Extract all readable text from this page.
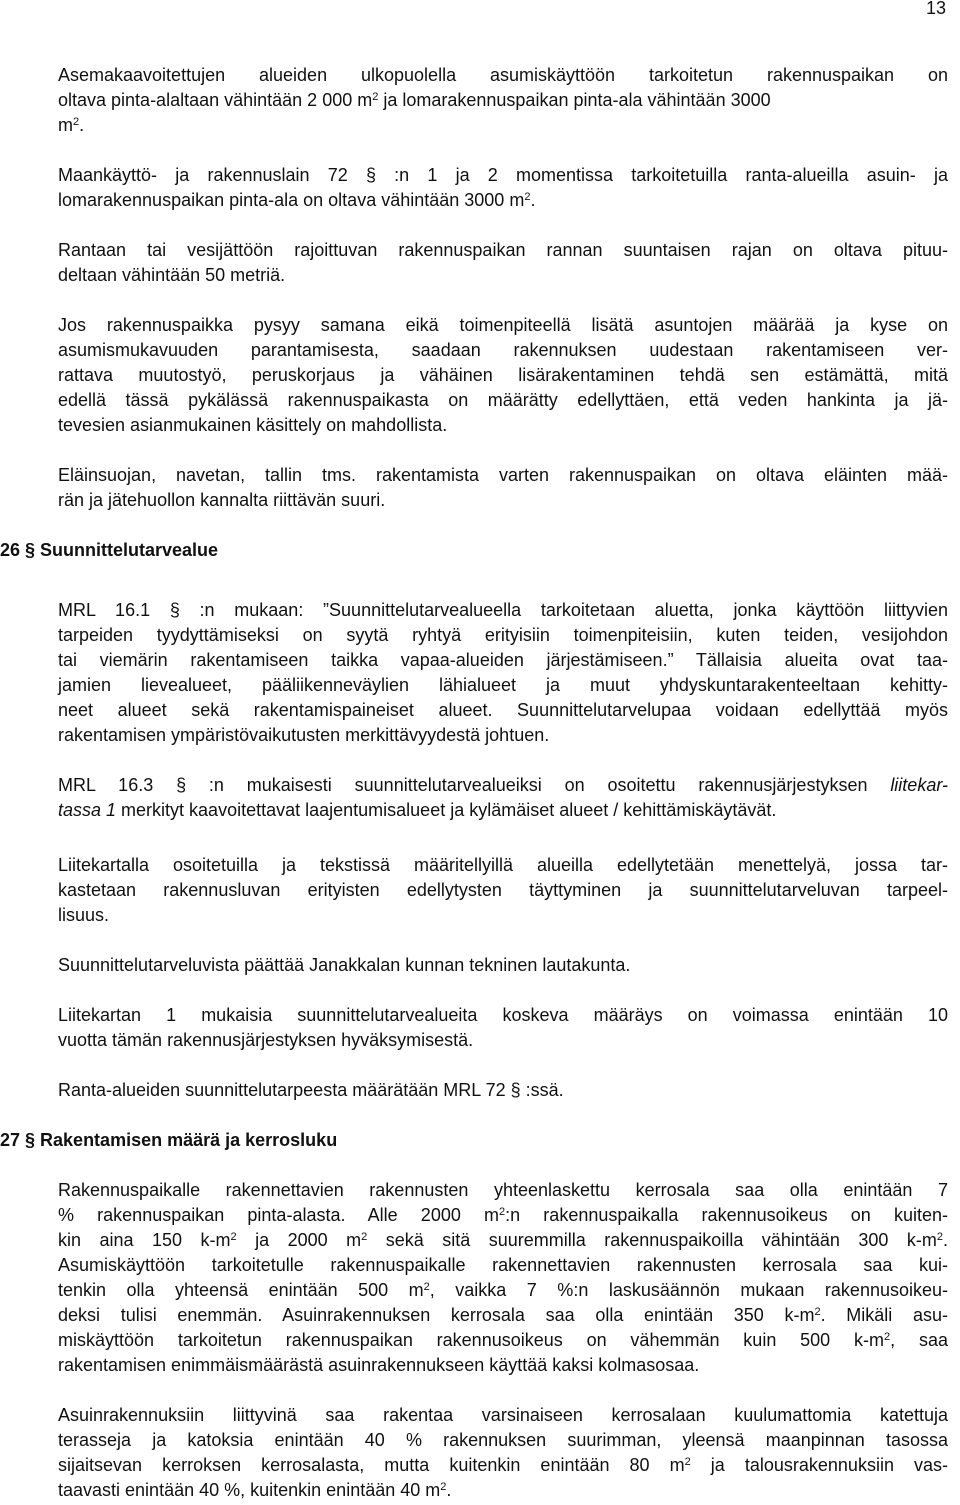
13

Asemakaavoitettujen alueiden ulkopuolella asumiskäyttöön tarkoitetun rakennuspaikan on
oltava pinta-alaltaan vähintään 2 000 $m^2$ ja lomarakennuspaikan pinta-ala vähintään 3000
$m^2$.

Maankäyttö- ja rakennuslain 72 § :n 1 ja 2 momentissa tarkoitetuilla ranta-alueilla asuin- ja
lomarakennuspaikan pinta-ala on oltava vähintään 3000 $m^2$.

Rantaan tai vesijättöön rajoittuvan rakennuspaikan rannan suuntaisen rajan on oltava pituu-
deltaan vähintään 50 metriä.

Jos rakennuspaikka pysyy samana eikä toimenpiteellä lisätä asuntojen määrää ja kyse on
asumismukavuuden parantamisesta, saadaan rakennuksen uudestaan rakentamiseen ver-
rattava muutostyö, peruskorjaus ja vähäinen lisärakentaminen tehdä sen estämättä, mitä
edellä tässä pykälässä rakennuspaikasta on määrätty edellyttäen, että veden hankinta ja jä-
tevesien asianmukainen käsittely on mahdollista.

Eläinsuojan, navetan, tallin tms. rakentamista varten rakennuspaikan on oltava eläinten mää-
rän ja jätehuollon kannalta riittävän suuri.

26 § Suunnittelutarvealue

MRL 16.1 § :n mukaan: ”Suunnittelutarvealueella tarkoitetaan aluetta, jonka käyttöön liittyvien
tarpeiden tyydyttämiseksi on syytä ryhtyä erityisiin toimenpiteisiin, kuten teiden, vesijohdon
tai viemärin rakentamiseen taikka vapaa-alueiden järjestämiseen.” Tällaisia alueita ovat taa-
jamien lievealueet, pääliikenneväylien lähialueet ja muut yhdyskuntarakenteeltaan kehitty-
neet alueet sekä rakentamispaineiset alueet. Suunnittelutarvelupaa voidaan edellyttää myös
rakentamisen ympäristövaikutusten merkittävyydestä johtuen.

MRL 16.3 § :n mukaisesti suunnittelutarvealueiksi on osoitettu rakennusjärjestyksen liitekar-
tassa 1 merkityt kaavoitettavat laajentumisalueet ja kylämäiset alueet / kehittämiskäytävät.

Liitekartalla osoitetuilla ja tekstissä määritellyillä alueilla edellytetään menettelyä, jossa tar-
kastetaan rakennusluvan erityisten edellytysten täyttyminen ja suunnittelutarveluvan tarpeel-
lisuus.

Suunnittelutarveluvista päättää Janakkalan kunnan tekninen lautakunta.

Liitekartan 1 mukaisia suunnittelutarvealueita koskeva määräys on voimassa enintään 10
vuotta tämän rakennusjärjestyksen hyväksymisestä.

Ranta-alueiden suunnittelutarpeesta määrätään MRL 72 § :ssä.

27 § Rakentamisen määrä ja kerrosluku

Rakennuspaikalle rakennettavien rakennusten yhteenlaskettu kerrosala saa olla enintään 7
% rakennuspaikan pinta-alasta. Alle 2000 $m^2:n$ rakennuspaikalla rakennusoikeus on kuiten-
kin aina 150 $k-m^2$ ja 2000 $m^2$ sekä sitä suuremmilla rakennuspaikoilla vähintään 300 $k-m^2$.
Asumiskäyttöön tarkoitetulle rakennuspaikalle rakennettavien rakennusten kerrosala saa kui-
tenkin olla yhteensä enintään 500 $m^2$, vaikka 7 %:n laskusäännön mukaan rakennusoikeu-
deksi tulisi enemmän. Asuinrakennuksen kerrosala saa olla enintään 350 $k-m^2$. Mikäli asu-
miskäyttöön tarkoitetun rakennuspaikan rakennusoikeus on vähemmän kuin 500 $k-m^2$, saa
rakentamisen enimmäismäärästä asuinrakennukseen käyttää kaksi kolmasosaa.

Asuinrakennuksiin liittyvinä saa rakentaa varsinaiseen kerrosalaan kuulumattomia katettuja
terasseja ja katoksia enintään 40 % rakennuksen suurimman, yleensä maanpinnan tasossa
sijaitsevan kerroksen kerrosalasta, mutta kuitenkin enintään 80 $m^2$ ja talousrakennuksiin vas-
taavasti enintään 40 %, kuitenkin enintään 40 $m^2$.
